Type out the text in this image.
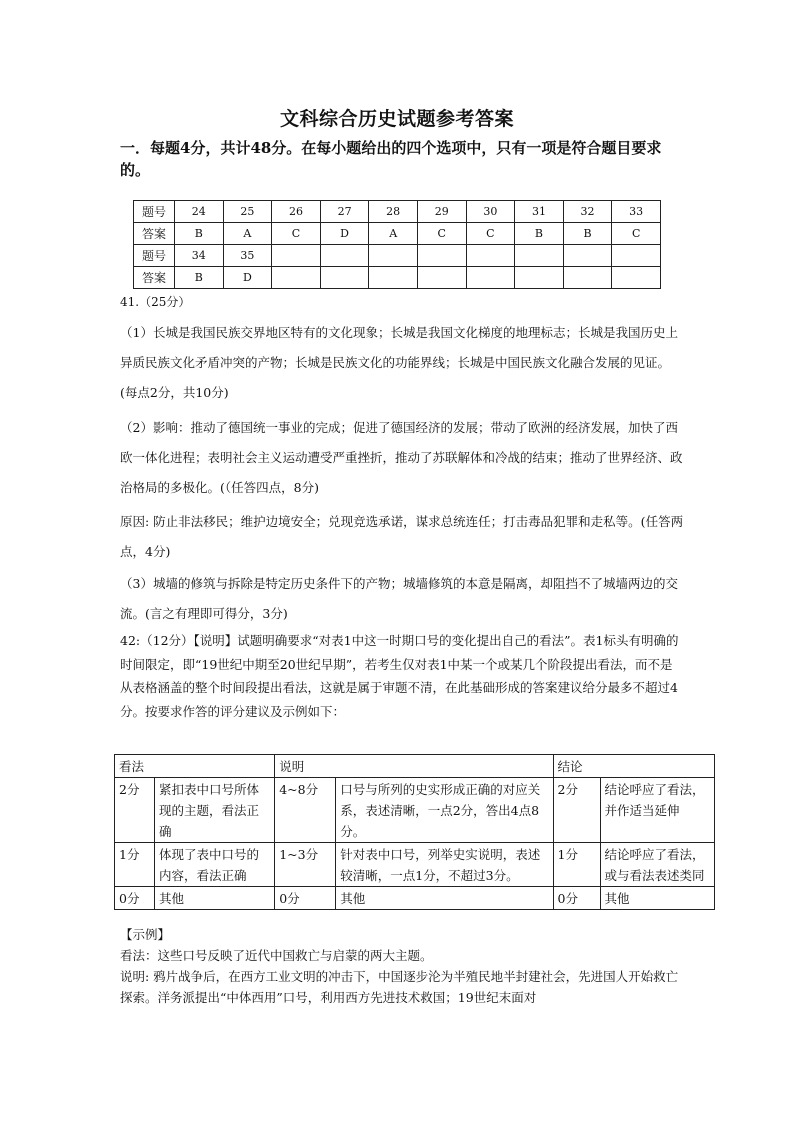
文科综合历史试题参考答案
一．每题4分，共计48分。在每小题给出的四个选项中，只有一项是符合题目要求的。
题号	24	25	26	27	28	29	30	31	32	33
答案	B	A	C	D	A	C	C	B	B	C
题号	34	35								
答案	B	D								
41.（25分）
（1）长城是我国民族交界地区特有的文化现象；长城是我国文化梯度的地理标志；长城是我国历史上异质民族文化矛盾冲突的产物；长城是民族文化的功能界线；长城是中国民族文化融合发展的见证。(每点2分，共10分)
（2）影响：推动了德国统一事业的完成；促进了德国经济的发展；带动了欧洲的经济发展，加快了西欧一体化进程；表明社会主义运动遭受严重挫折，推动了苏联解体和冷战的结束；推动了世界经济、政治格局的多极化。(（任答四点，8分)
原因: 防止非法移民；维护边境安全；兑现竞选承诺，谋求总统连任；打击毒品犯罪和走私等。(任答两点，4分)
（3）城墙的修筑与拆除是特定历史条件下的产物；城墙修筑的本意是隔离，却阻挡不了城墙两边的交流。(言之有理即可得分，3分)
42:（12分）【说明】试题明确要求“对表1中这一时期口号的变化提出自己的看法”。表1标头有明确的时间限定，即“19世纪中期至20世纪早期”，若考生仅对表1中某一个或某几个阶段提出看法，而不是从表格涵盖的整个时间段提出看法，这就是属于审题不清，在此基础形成的答案建议给分最多不超过4分。按要求作答的评分建议及示例如下：
看法		说明		结论	
2分	紧扣表中口号所体现的主题，看法正确	4~8分	口号与所列的史实形成正确的对应关系，表述清晰，一点2分，答出4点8分。	2分	结论呼应了看法，并作适当延伸
1分	体现了表中口号的内容，看法正确	1~3分	针对表中口号，列举史实说明，表述较清晰，一点1分，不超过3分。	1分	结论呼应了看法，或与看法表述类同
0分	其他	0分	其他	0分	其他
【示例】
看法：这些口号反映了近代中国救亡与启蒙的两大主题。
说明: 鸦片战争后，在西方工业文明的冲击下，中国逐步沦为半殖民地半封建社会，先进国人开始救亡探索。洋务派提出“中体西用”口号，利用西方先进技术救国；19世纪末面对
